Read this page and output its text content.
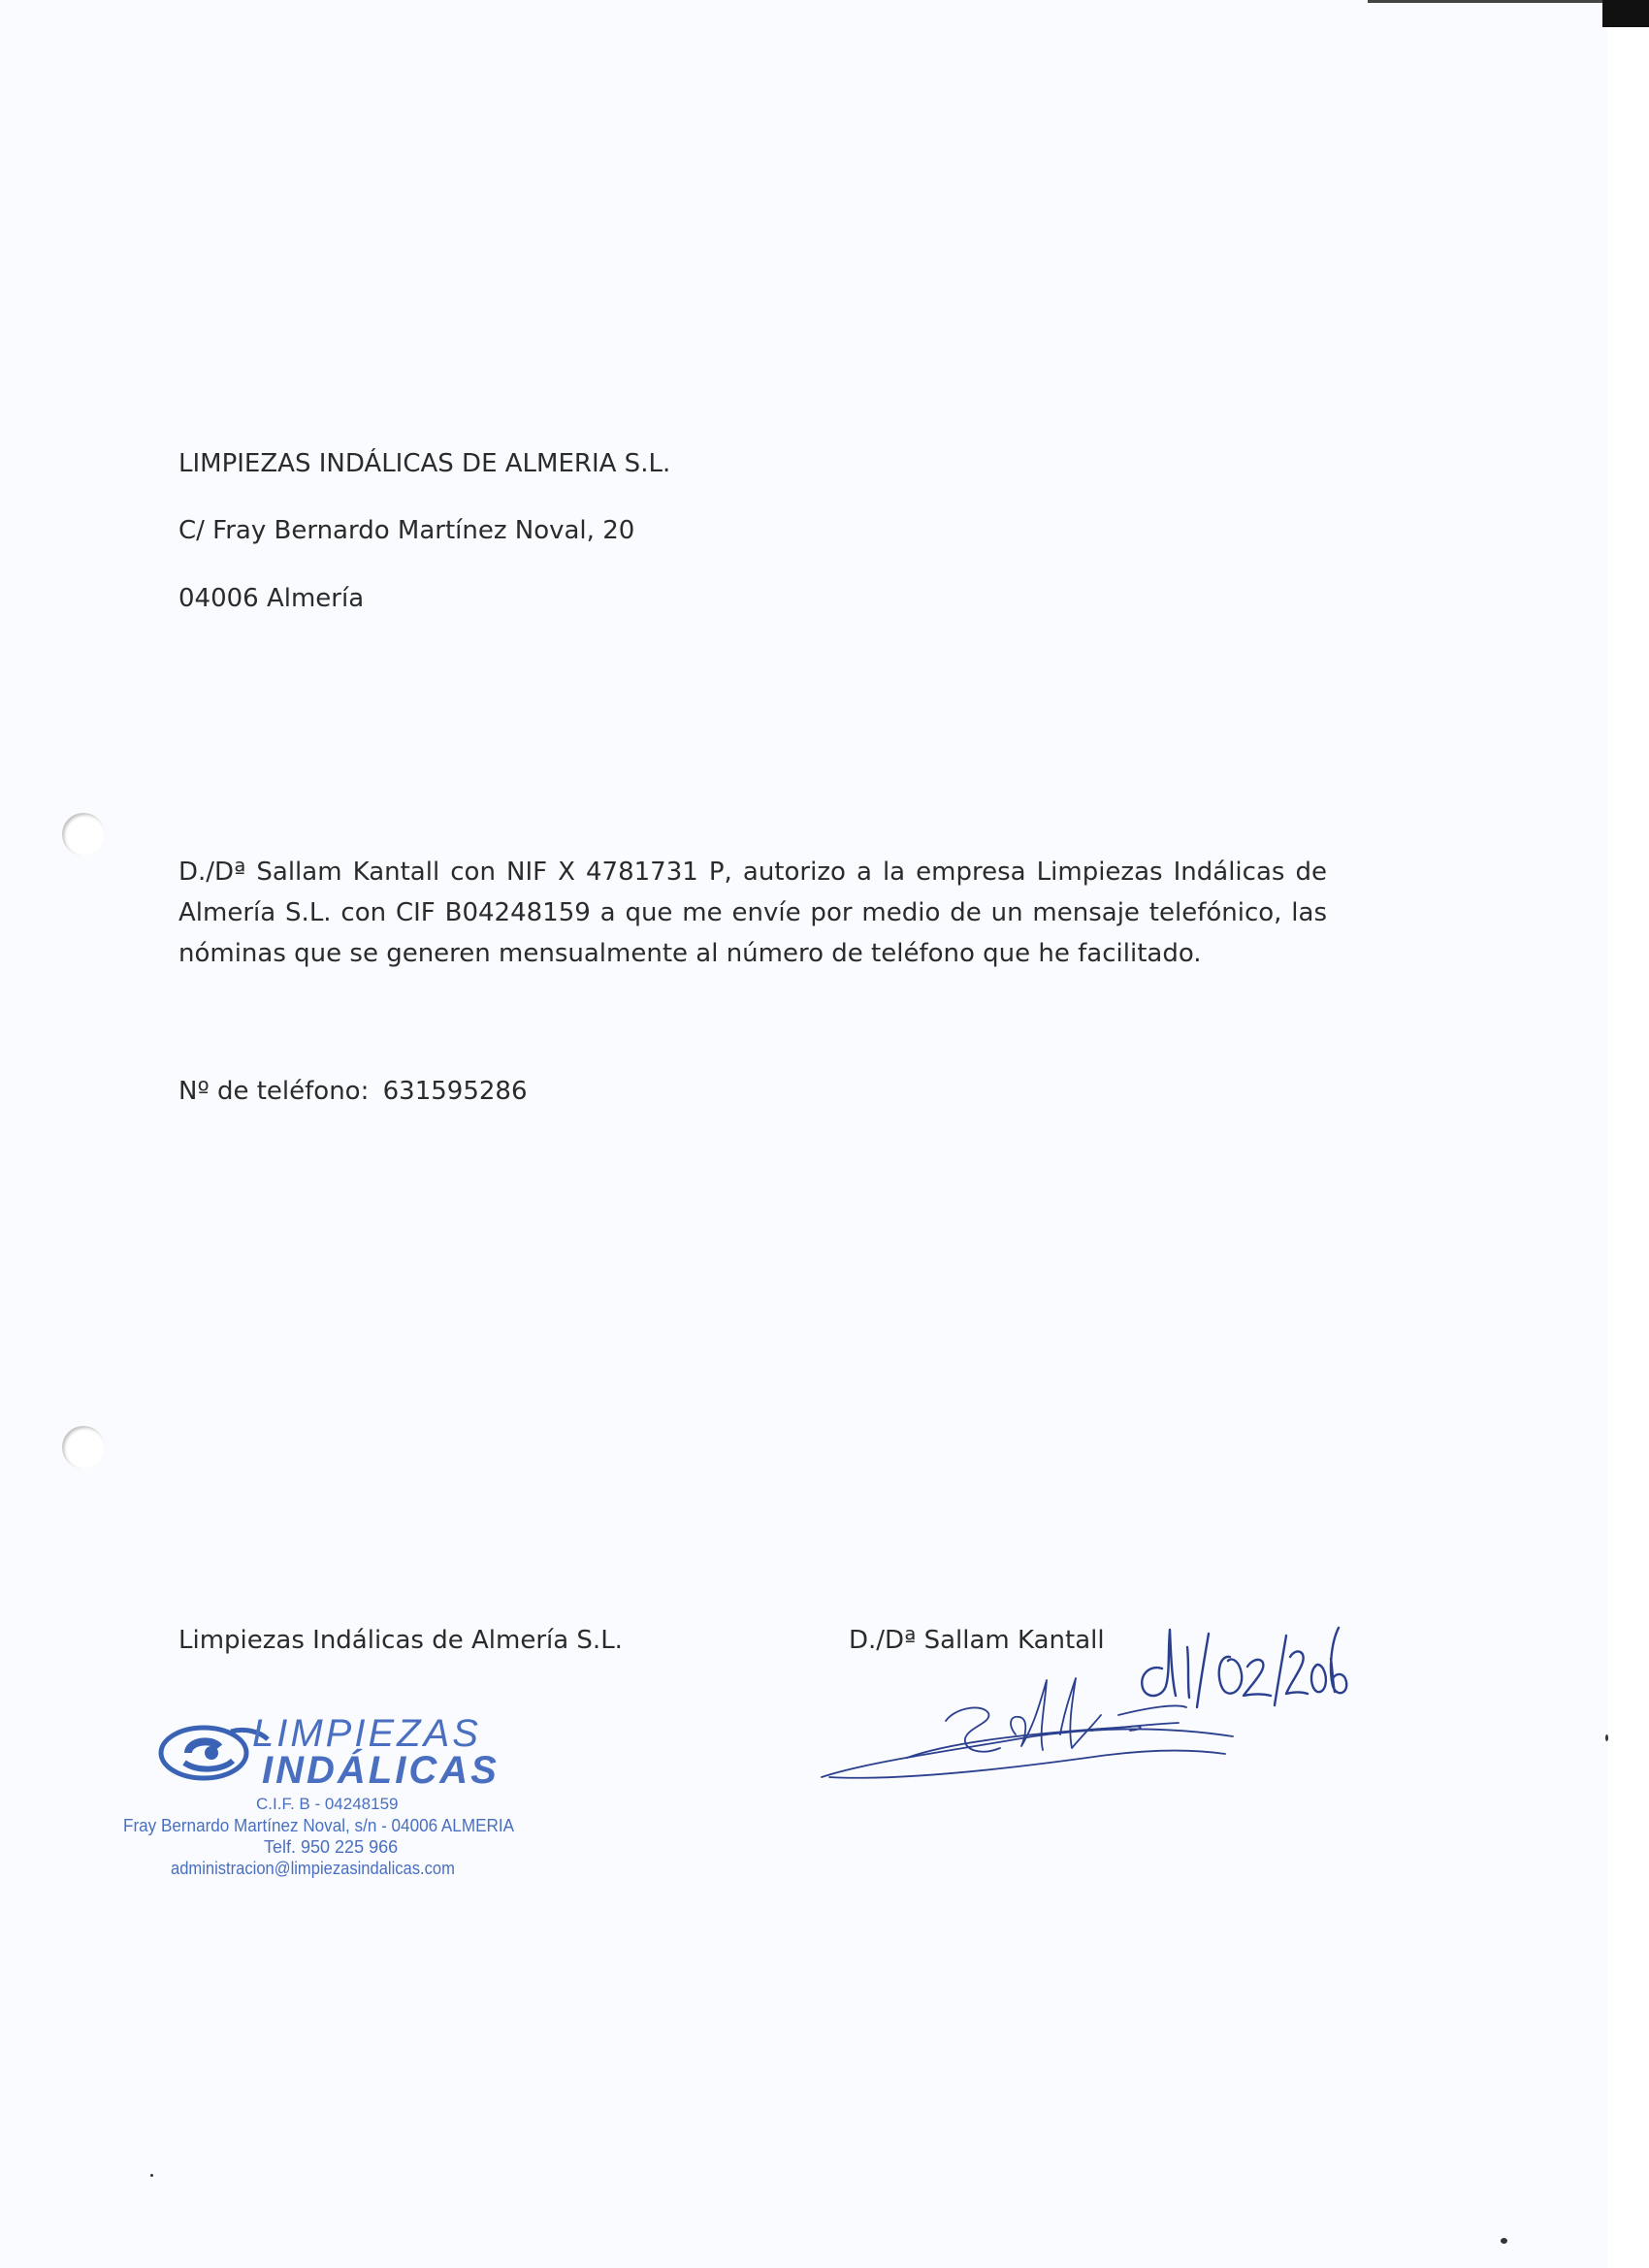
LIMPIEZAS INDÁLICAS DE ALMERIA S.L.
C/ Fray Bernardo Martínez Noval, 20
04006 Almería
D./Dª Sallam Kantall con NIF X 4781731 P, autorizo a la empresa Limpiezas Indálicas de Almería S.L. con CIF B04248159 a que me envíe por medio de un mensaje telefónico, las nóminas que se generen mensualmente al número de teléfono que he facilitado.
Nº de teléfono: 631595286
Limpiezas Indálicas de Almería S.L.	D./Dª Sallam Kantall
LIMPIEZAS
INDÁLICAS
C.I.F. B - 04248159
Fray Bernardo Martínez Noval, s/n - 04006 ALMERIA
Telf. 950 225 966
administracion@limpiezasindalicas.com
